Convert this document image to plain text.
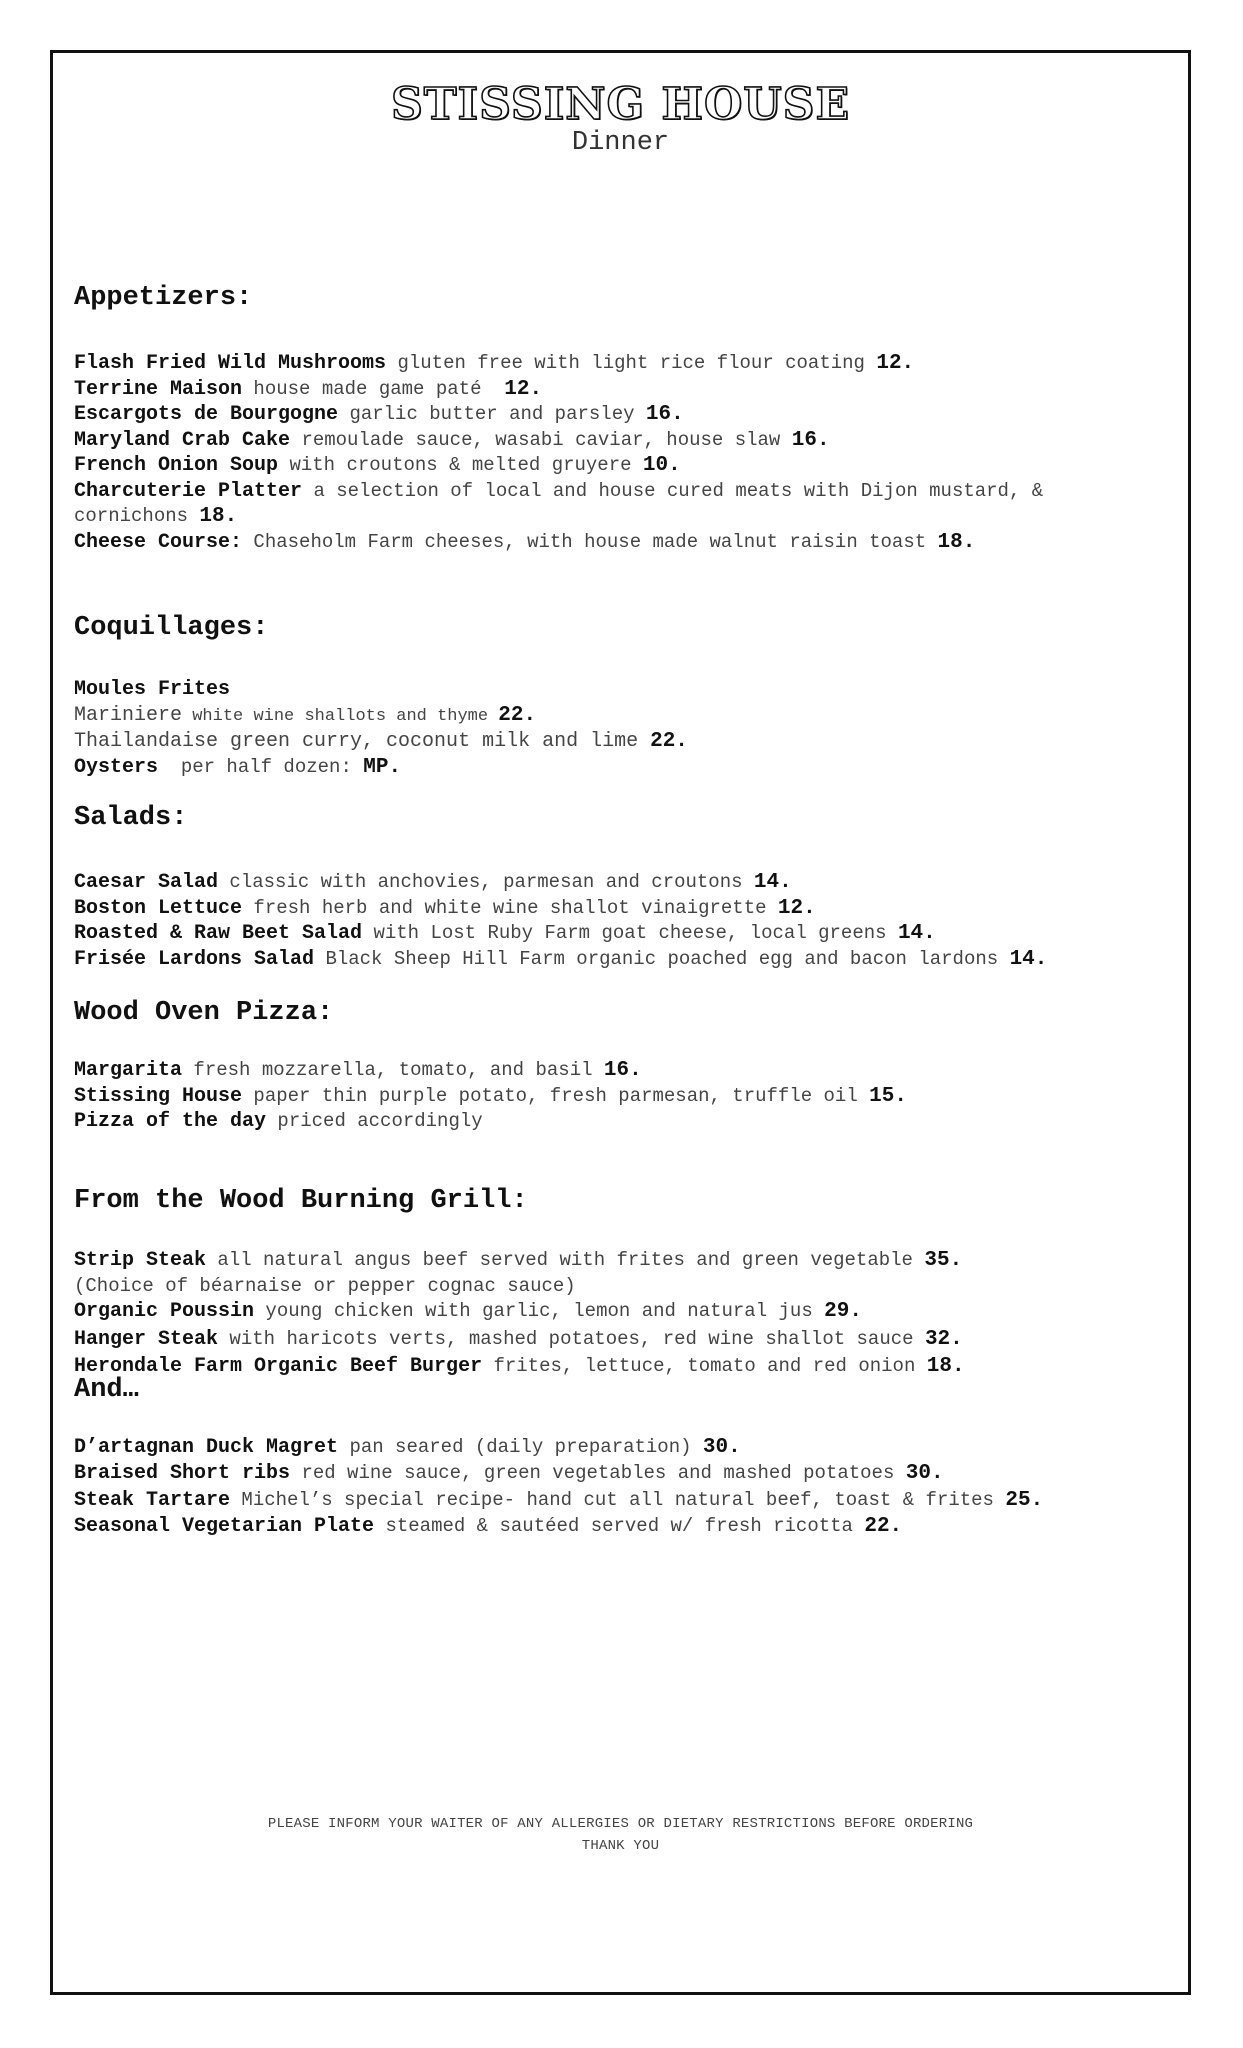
STISSING HOUSE
Dinner
Appetizers:
Flash Fried Wild Mushrooms gluten free with light rice flour coating 12.
Terrine Maison house made game paté  12.
Escargots de Bourgogne garlic butter and parsley 16.
Maryland Crab Cake remoulade sauce, wasabi caviar, house slaw 16.
French Onion Soup with croutons & melted gruyere 10.
Charcuterie Platter a selection of local and house cured meats with Dijon mustard, &
cornichons 18.
Cheese Course: Chaseholm Farm cheeses, with house made walnut raisin toast 18.
Coquillages:
Moules Frites
Mariniere white wine shallots and thyme 22.
Thailandaise green curry, coconut milk and lime 22.
Oysters  per half dozen: MP.
Salads:
Caesar Salad classic with anchovies, parmesan and croutons 14.
Boston Lettuce fresh herb and white wine shallot vinaigrette 12.
Roasted & Raw Beet Salad with Lost Ruby Farm goat cheese, local greens 14.
Frisée Lardons Salad Black Sheep Hill Farm organic poached egg and bacon lardons 14.
Wood Oven Pizza:
Margarita fresh mozzarella, tomato, and basil 16.
Stissing House paper thin purple potato, fresh parmesan, truffle oil 15.
Pizza of the day priced accordingly
From the Wood Burning Grill:
Strip Steak all natural angus beef served with frites and green vegetable 35.
(Choice of béarnaise or pepper cognac sauce)
Organic Poussin young chicken with garlic, lemon and natural jus 29.
Hanger Steak with haricots verts, mashed potatoes, red wine shallot sauce 32.
Herondale Farm Organic Beef Burger frites, lettuce, tomato and red onion 18.
And…
D’artagnan Duck Magret pan seared (daily preparation) 30.
Braised Short ribs red wine sauce, green vegetables and mashed potatoes 30.
Steak Tartare Michel’s special recipe- hand cut all natural beef, toast & frites 25.
Seasonal Vegetarian Plate steamed & sautéed served w/ fresh ricotta 22.
PLEASE INFORM YOUR WAITER OF ANY ALLERGIES OR DIETARY RESTRICTIONS BEFORE ORDERING
THANK YOU
